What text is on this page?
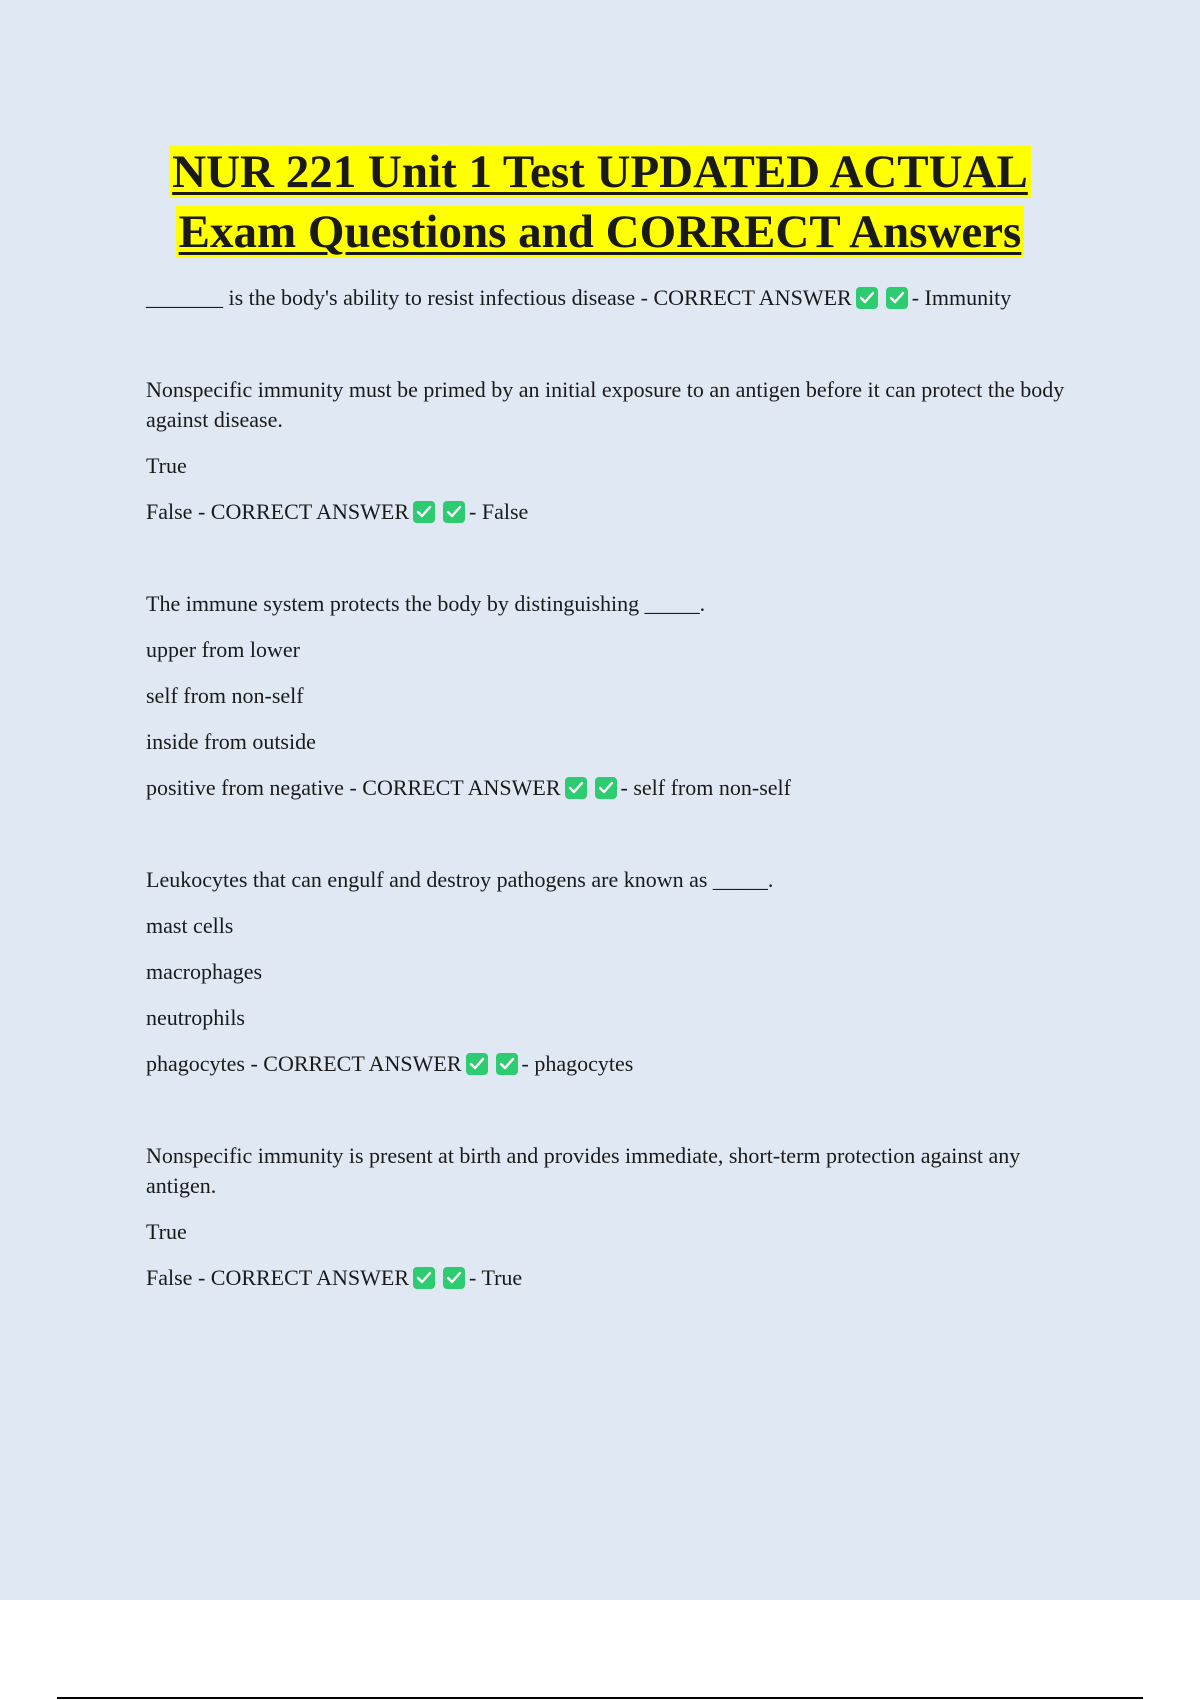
NUR 221 Unit 1 Test UPDATED ACTUAL
Exam Questions and CORRECT Answers

_______ is the body's ability to resist infectious disease - CORRECT ANSWER	- Immunity

Nonspecific immunity must be primed by an initial exposure to an antigen before it can protect the body against disease.

True

False - CORRECT ANSWER	- False

The immune system protects the body by distinguishing _____.

upper from lower

self from non-self

inside from outside

positive from negative - CORRECT ANSWER	- self from non-self

Leukocytes that can engulf and destroy pathogens are known as _____.

mast cells

macrophages

neutrophils

phagocytes - CORRECT ANSWER	- phagocytes

Nonspecific immunity is present at birth and provides immediate, short-term protection against any antigen.

True

False - CORRECT ANSWER	- True
